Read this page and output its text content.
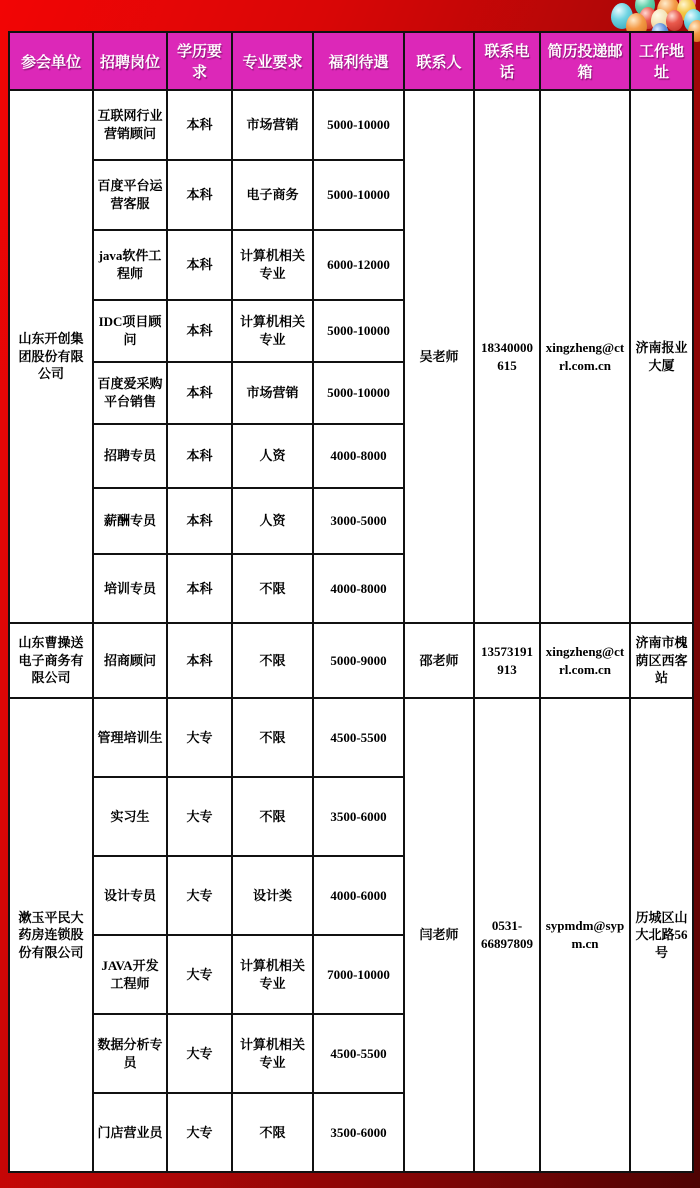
参会单位	招聘岗位	学历要求	专业要求	福利待遇	联系人	联系电话	简历投递邮箱	工作地址
山东开创集团股份有限公司	互联网行业营销顾问	本科	市场营销	5000-10000	吴老师	18340000615	xingzheng@ctrl.com.cn	济南报业大厦
	百度平台运营客服	本科	电子商务	5000-10000				
	java软件工程师	本科	计算机相关专业	6000-12000				
	IDC项目顾问	本科	计算机相关专业	5000-10000				
	百度爱采购平台销售	本科	市场营销	5000-10000				
	招聘专员	本科	人资	4000-8000				
	薪酬专员	本科	人资	3000-5000				
	培训专员	本科	不限	4000-8000				
山东曹操送电子商务有限公司	招商顾问	本科	不限	5000-9000	邵老师	13573191913	xingzheng@ctrl.com.cn	济南市槐荫区西客站
漱玉平民大药房连锁股份有限公司	管理培训生	大专	不限	4500-5500	闫老师	0531-66897809	sypmdm@sypm.cn	历城区山大北路56号
	实习生	大专	不限	3500-6000				
	设计专员	大专	设计类	4000-6000				
	JAVA开发工程师	大专	计算机相关专业	7000-10000				
	数据分析专员	大专	计算机相关专业	4500-5500				
	门店营业员	大专	不限	3500-6000				
